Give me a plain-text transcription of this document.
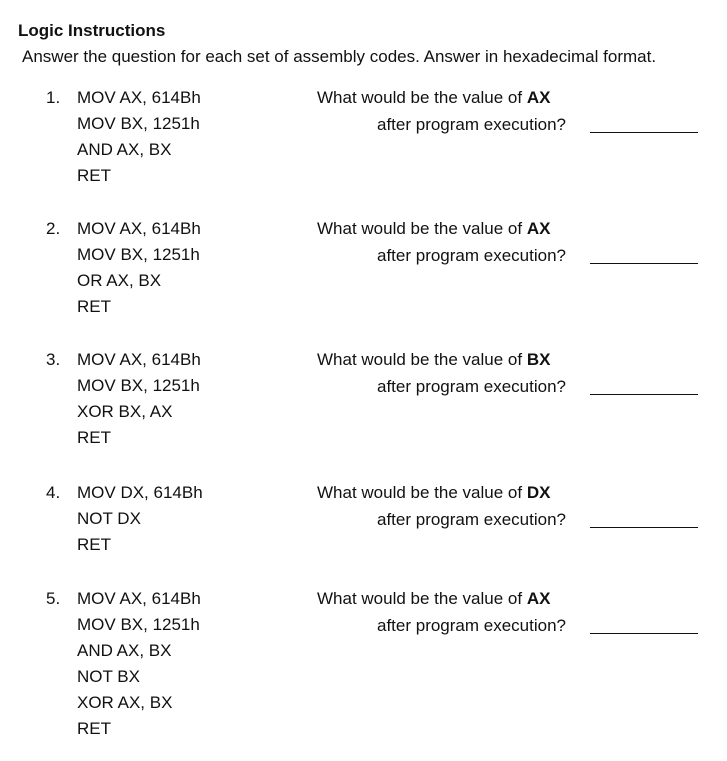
Logic Instructions
Answer the question for each set of assembly codes. Answer in hexadecimal format.
1. MOV AX, 614Bh
MOV BX, 1251h
AND AX, BX
RET
What would be the value of AX
after program execution?
2. MOV AX, 614Bh
MOV BX, 1251h
OR AX, BX
RET
What would be the value of AX
after program execution?
3. MOV AX, 614Bh
MOV BX, 1251h
XOR BX, AX
RET
What would be the value of BX
after program execution?
4. MOV DX, 614Bh
NOT DX
RET
What would be the value of DX
after program execution?
5. MOV AX, 614Bh
MOV BX, 1251h
AND AX, BX
NOT BX
XOR AX, BX
RET
What would be the value of AX
after program execution?
